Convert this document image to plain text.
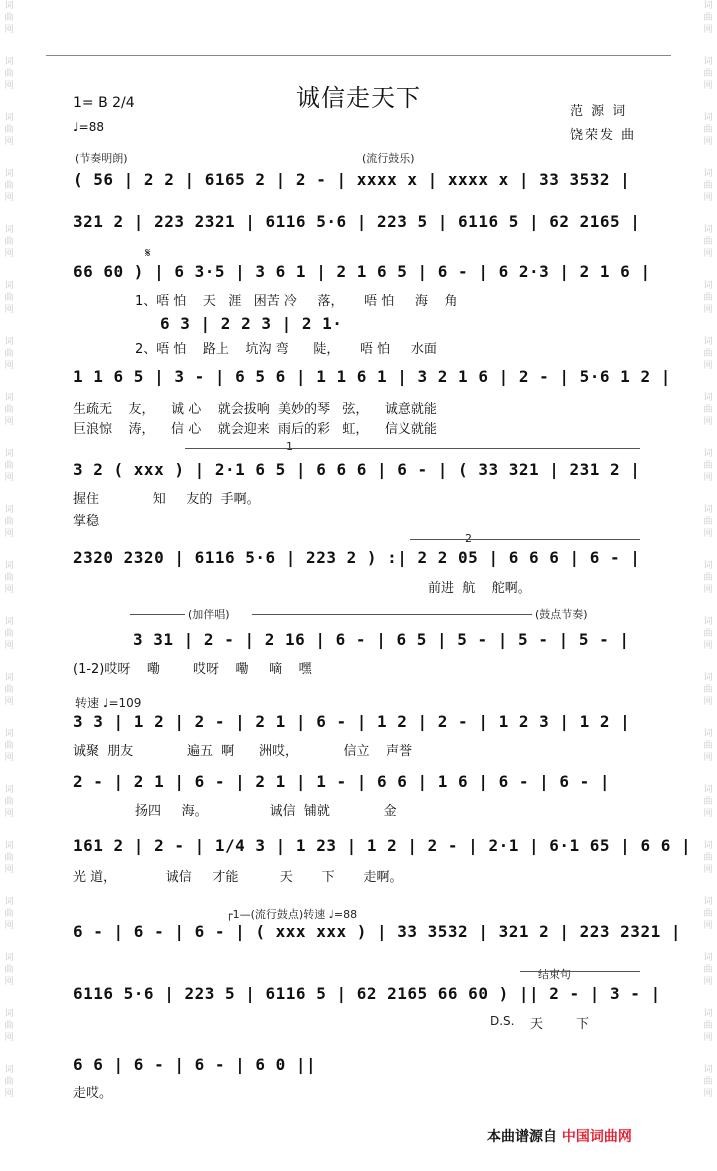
词
曲
网
词
曲
网
词
曲
网
词
曲
网
词
曲
网
词
曲
网
词
曲
网
词
曲
网
词
曲
网
词
曲
网
词
曲
网
词
曲
网
词
曲
网
词
曲
网
词
曲
网
词
曲
网
词
曲
网
词
曲
网
词
曲
网
词
曲
网
词
曲
网
词
曲
网
词
曲
网
词
曲
网
词
曲
网
词
曲
网
词
曲
网
词
曲
网
词
曲
网
词
曲
网
词
曲
网
词
曲
网
词
曲
网
词
曲
网
词
曲
网
词
曲
网
词
曲
网
词
曲
网
词
曲
网
词
曲
网
诚信走天下
1= B 2/4
♩=88
范 源 词
饶荣发 曲
(节奏明朗)	(流行鼓乐)
𝄋
1
2
(加伴唱)	(鼓点节奏)
转速 ♩=109
┌1—(流行鼓点)转速 ♩=88
结束句
D.S.
( 56 | 2 2 | 6165 2 | 2 - | xxxx x | xxxx x | 33 3532 |
321 2 | 223 2321 | 6116 5·6 | 223 5 | 6116 5 | 62 2165 |
66 60 ) | 6 3·5 | 3 6 1 | 2 1 6 5 | 6 - | 6 2·3 | 2 1 6 |
1、唔 怕    天   涯   困苦 冷     落，     唔 怕     海    角
6 3 | 2 2 3 | 2 1·
2、唔 怕    路上    坑沟 弯      陡，     唔 怕     水面
1 1 6 5 | 3 - | 6 5 6 | 1 1 6 1 | 3 2 1 6 | 2 - | 5·6 1 2 |
生疏无    友，    诚 心    就会拔响  美妙的琴   弦，    诚意就能
巨浪惊    涛，    信 心    就会迎来  雨后的彩   虹，    信义就能
3 2 ( xxx ) | 2·1 6 5 | 6 6 6 | 6 - | ( 33 321 | 231 2 |
握住             知     友的  手啊。
掌稳
2320 2320 | 6116 5·6 | 223 2 ) :| 2 2 05 | 6 6 6 | 6 - |
前进  航    舵啊。
3 31 | 2 - | 2 16 | 6 - | 6 5 | 5 - | 5 - | 5 - |
(1-2)哎呀    嘞        哎呀    嘞     嘀    嘿
3 3 | 1 2 | 2 - | 2 1 | 6 - | 1 2 | 2 - | 1 2 3 | 1 2 |
诚聚  朋友             遍五  啊      洲哎，           信立    声誉
2 - | 2 1 | 6 - | 2 1 | 1 - | 6 6 | 1 6 | 6 - | 6 - |
扬四     海。               诚信  铺就             金
161 2 | 2 - | 1/4 3 | 1 23 | 1 2 | 2 - | 2·1 | 6·1 65 | 6 6 |
光 道，            诚信     才能          天       下       走啊。
6 - | 6 - | 6 - | ( xxx xxx ) | 33 3532 | 321 2 | 223 2321 |
6116 5·6 | 223 5 | 6116 5 | 62 2165 66 60 ) || 2 - | 3 - |
天        下
6 6 | 6 - | 6 - | 6 0 ||
走哎。
本曲谱源自 中国词曲网
